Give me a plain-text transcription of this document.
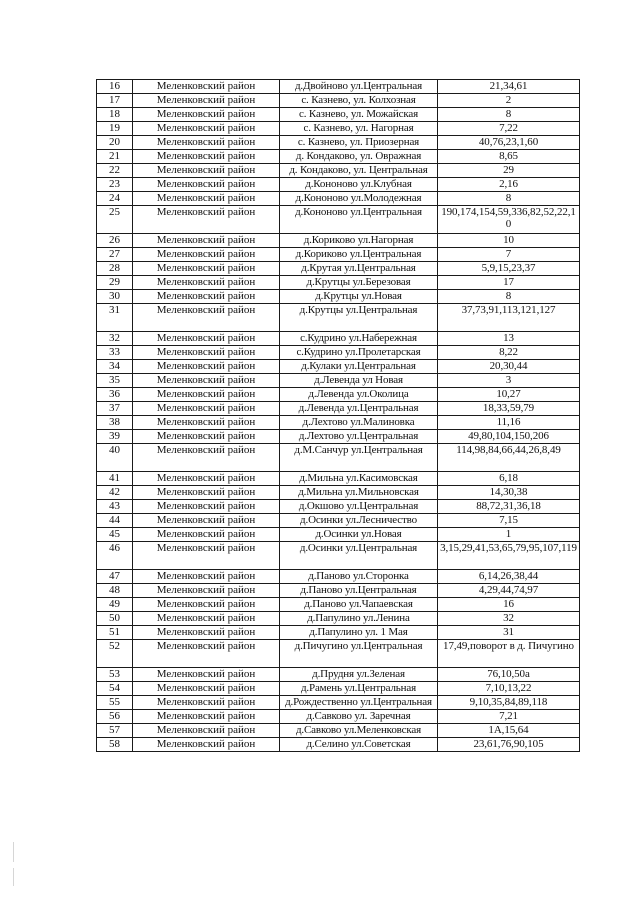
16	Меленковский район	д.Двойново ул.Центральная	21,34,61
17	Меленковский район	с. Казнево, ул. Колхозная	2
18	Меленковский район	с. Казнево, ул. Можайская	8
19	Меленковский район	с. Казнево, ул. Нагорная	7,22
20	Меленковский район	с. Казнево, ул. Приозерная	40,76,23,1,60
21	Меленковский район	д. Кондаково, ул. Овражная	8,65
22	Меленковский район	д. Кондаково, ул. Центральная	29
23	Меленковский район	д.Кононово ул.Клубная	2,16
24	Меленковский район	д.Кононово ул.Молодежная	8
25	Меленковский район	д.Кононово ул.Центральная	190,174,154,59,336,82,52,22,10
26	Меленковский район	д.Кориково ул.Нагорная	10
27	Меленковский район	д.Кориково ул.Центральная	7
28	Меленковский район	д.Крутая ул.Центральная	5,9,15,23,37
29	Меленковский район	д.Крутцы ул.Березовая	17
30	Меленковский район	д.Крутцы ул.Новая	8
31	Меленковский район	д.Крутцы ул.Центральная	37,73,91,113,121,127
32	Меленковский район	с.Кудрино ул.Набережная	13
33	Меленковский район	с.Кудрино ул.Пролетарская	8,22
34	Меленковский район	д.Кулаки ул.Центральная	20,30,44
35	Меленковский район	д.Левенда ул Новая	3
36	Меленковский район	д.Левенда ул.Околица	10,27
37	Меленковский район	д.Левенда ул.Центральная	18,33,59,79
38	Меленковский район	д.Лехтово ул.Малиновка	11,16
39	Меленковский район	д.Лехтово ул.Центральная	49,80,104,150,206
40	Меленковский район	д.М.Санчур ул.Центральная	114,98,84,66,44,26,8,49
41	Меленковский район	д.Мильна ул.Касимовская	6,18
42	Меленковский район	д.Мильна ул.Мильновская	14,30,38
43	Меленковский район	д.Окшово ул.Центральная	88,72,31,36,18
44	Меленковский район	д.Осинки ул.Лесничество	7,15
45	Меленковский район	д.Осинки ул.Новая	1
46	Меленковский район	д.Осинки ул.Центральная	3,15,29,41,53,65,79,95,107,119
47	Меленковский район	д.Паново ул.Сторонка	6,14,26,38,44
48	Меленковский район	д.Паново ул.Центральная	4,29,44,74,97
49	Меленковский район	д.Паново ул.Чапаевская	16
50	Меленковский район	д.Папулино ул.Ленина	32
51	Меленковский район	д.Папулино ул. 1 Мая	31
52	Меленковский район	д.Пичугино ул.Центральная	17,49,поворот в д. Пичугино
53	Меленковский район	д.Прудня ул.Зеленая	76,10,50а
54	Меленковский район	д.Рамень ул.Центральная	7,10,13,22
55	Меленковский район	д.Рождественно ул.Центральная	9,10,35,84,89,118
56	Меленковский район	д.Савково ул. Заречная	7,21
57	Меленковский район	д.Савково ул.Меленковская	1А,15,64
58	Меленковский район	д.Селино ул.Советская	23,61,76,90,105
